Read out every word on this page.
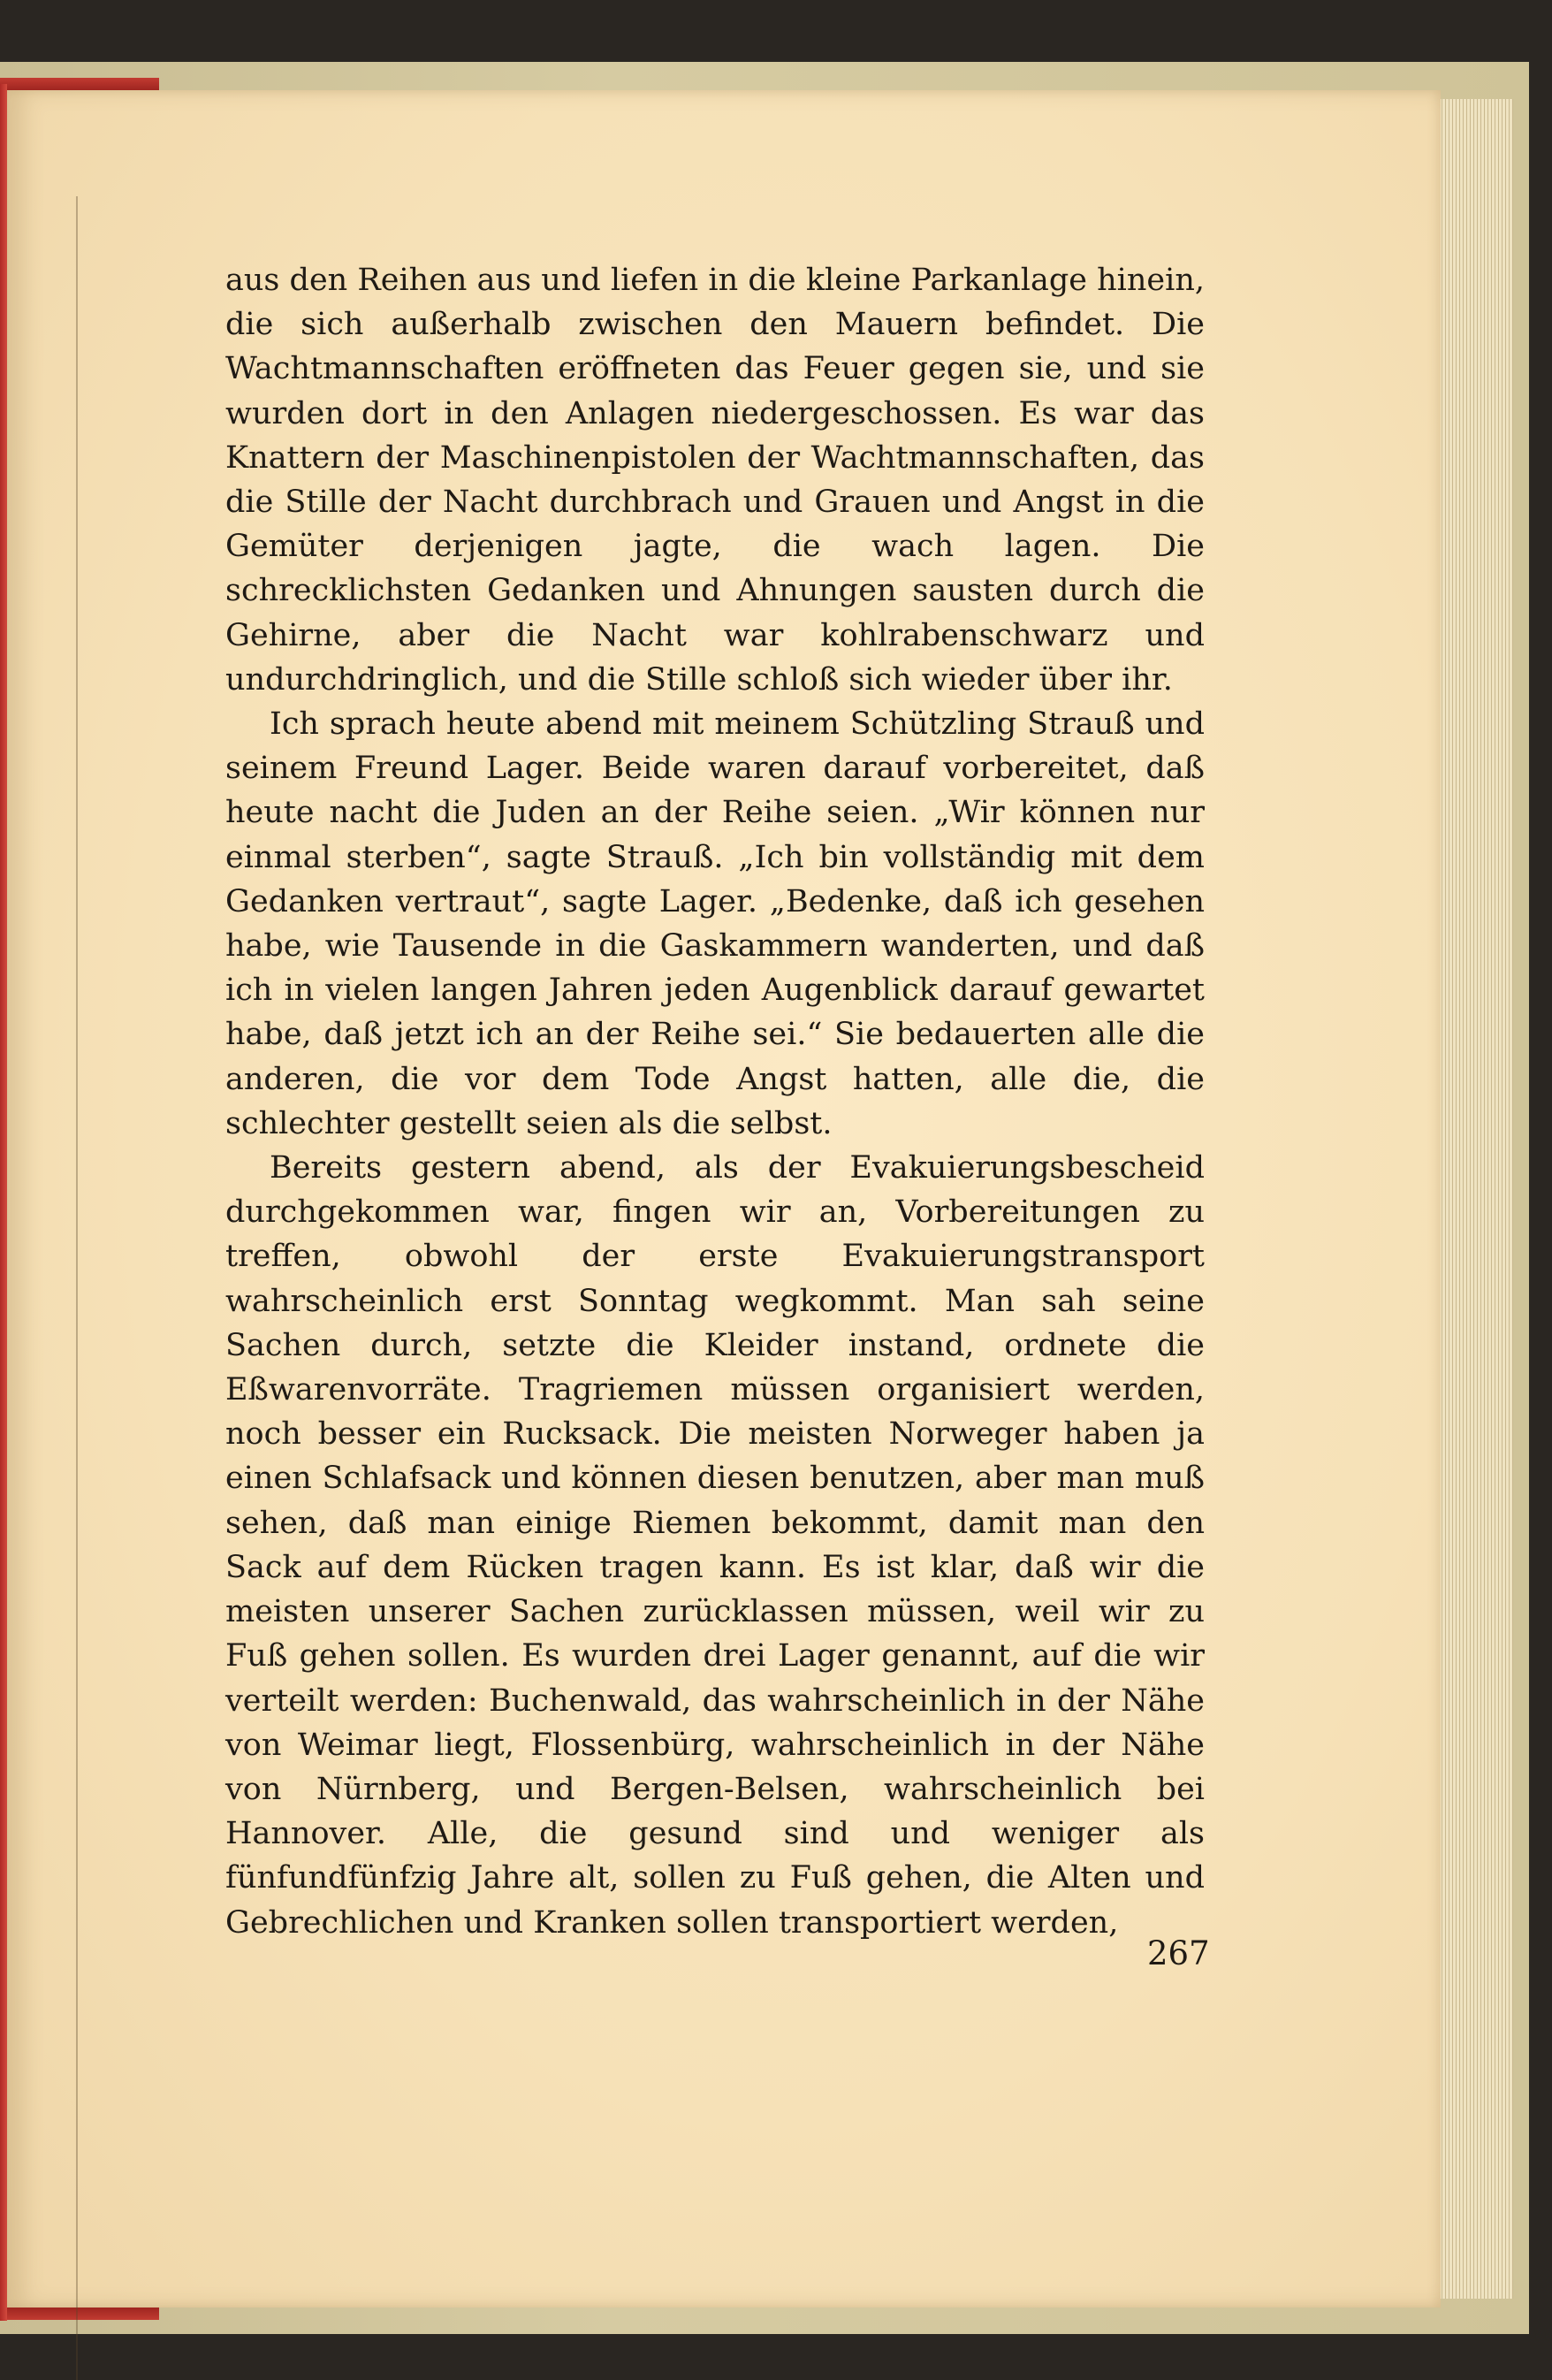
aus den Reihen aus und liefen in die kleine Parkanlage hinein, die sich außerhalb zwischen den Mauern befindet. Die Wachtmannschaften eröffneten das Feuer gegen sie, und sie wurden dort in den Anlagen niedergeschossen. Es war das Knattern der Maschinenpistolen der Wachtmannschaften, das die Stille der Nacht durchbrach und Grauen und Angst in die Gemüter derjenigen jagte, die wach lagen. Die schrecklichsten Gedanken und Ahnungen sausten durch die Gehirne, aber die Nacht war kohlrabenschwarz und undurchdringlich, und die Stille schloß sich wieder über ihr.

Ich sprach heute abend mit meinem Schützling Strauß und seinem Freund Lager. Beide waren darauf vorbereitet, daß heute nacht die Juden an der Reihe seien. „Wir können nur einmal sterben“, sagte Strauß. „Ich bin vollständig mit dem Gedanken vertraut“, sagte Lager. „Bedenke, daß ich gesehen habe, wie Tausende in die Gaskammern wanderten, und daß ich in vielen langen Jahren jeden Augenblick darauf gewartet habe, daß jetzt ich an der Reihe sei.“ Sie bedauerten alle die anderen, die vor dem Tode Angst hatten, alle die, die schlechter gestellt seien als die selbst.

Bereits gestern abend, als der Evakuierungsbescheid durchgekommen war, fingen wir an, Vorbereitungen zu treffen, obwohl der erste Evakuierungstransport wahrscheinlich erst Sonntag wegkommt. Man sah seine Sachen durch, setzte die Kleider instand, ordnete die Eßwarenvorräte. Tragriemen müssen organisiert werden, noch besser ein Rucksack. Die meisten Norweger haben ja einen Schlafsack und können diesen benutzen, aber man muß sehen, daß man einige Riemen bekommt, damit man den Sack auf dem Rücken tragen kann. Es ist klar, daß wir die meisten unserer Sachen zurücklassen müssen, weil wir zu Fuß gehen sollen. Es wurden drei Lager genannt, auf die wir verteilt werden: Buchenwald, das wahrscheinlich in der Nähe von Weimar liegt, Flossenbürg, wahrscheinlich in der Nähe von Nürnberg, und Bergen-Belsen, wahrscheinlich bei Hannover. Alle, die gesund sind und weniger als fünfundfünfzig Jahre alt, sollen zu Fuß gehen, die Alten und Gebrechlichen und Kranken sollen transportiert werden,

267
